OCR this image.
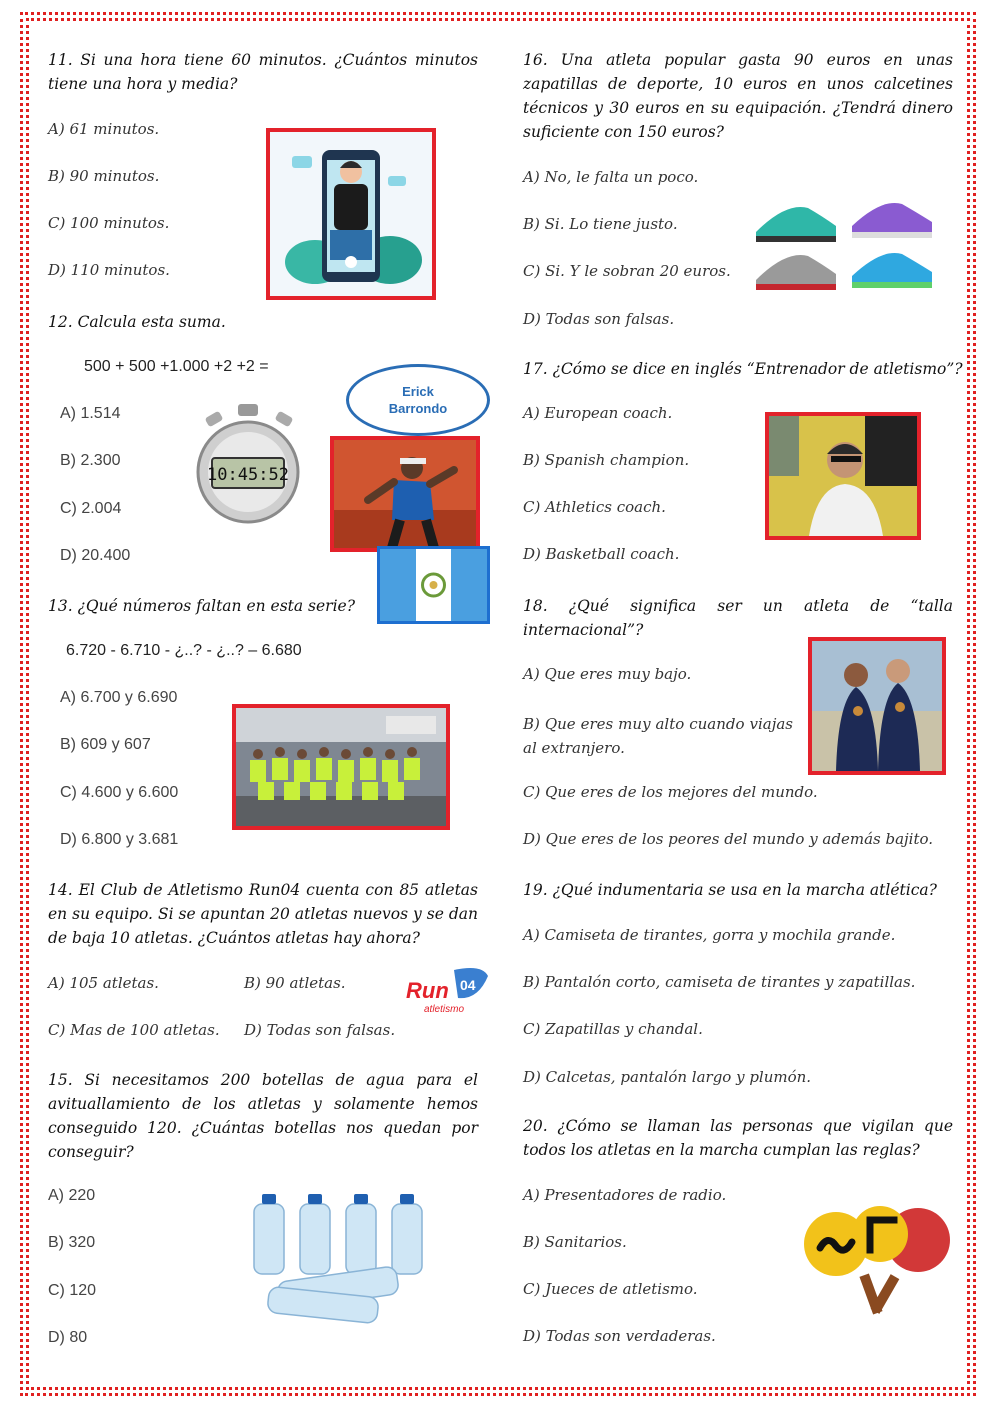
11. Si una hora tiene 60 minutos. ¿Cuántos minutos tiene una hora y media?
A) 61 minutos.
B) 90 minutos.
C) 100 minutos.
D) 110 minutos.
12. Calcula esta suma.
500 + 500 +1.000 +2 +2 =
A) 1.514
B) 2.300
C) 2.004
D) 20.400
10:45:52
Erick Barrondo
13. ¿Qué números faltan en esta serie?
6.720 - 6.710 - ¿..? - ¿..? – 6.680
A) 6.700 y 6.690
B) 609 y 607
C) 4.600 y 6.600
D) 6.800 y 3.681
14. El Club de Atletismo Run04 cuenta con 85 atletas en su equipo. Si se apuntan 20 atletas nuevos y se dan de baja 10 atletas. ¿Cuántos atletas hay ahora?
A) 105 atletas.	B) 90 atletas.
C) Mas de 100 atletas. D) Todas son falsas.
Run 04
atletismo
15. Si necesitamos 200 botellas de agua para el avituallamiento de los atletas y solamente hemos conseguido 120. ¿Cuántas botellas nos quedan por conseguir?
A) 220
B) 320
C) 120
D) 80
16. Una atleta popular gasta 90 euros en unas zapatillas de deporte, 10 euros en unos calcetines técnicos y 30 euros en su equipación. ¿Tendrá dinero suficiente con 150 euros?
A) No, le falta un poco.
B) Si. Lo tiene justo.
C) Si. Y le sobran 20 euros.
D) Todas son falsas.
17. ¿Cómo se dice en inglés “Entrenador de atletismo”?
A) European coach.
B) Spanish champion.
C) Athletics coach.
D) Basketball coach.
18. ¿Qué significa ser un atleta de “talla internacional”?
A) Que eres muy bajo.
B) Que eres muy alto cuando viajas al extranjero.
C) Que eres de los mejores del mundo.
D) Que eres de los peores del mundo y además bajito.
19. ¿Qué indumentaria se usa en la marcha atlética?
A) Camiseta de tirantes, gorra y mochila grande.
B) Pantalón corto, camiseta de tirantes y zapatillas.
C) Zapatillas y chandal.
D) Calcetas, pantalón largo y plumón.
20. ¿Cómo se llaman las personas que vigilan que todos los atletas en la marcha cumplan las reglas?
A) Presentadores de radio.
B) Sanitarios.
C) Jueces de atletismo.
D) Todas son verdaderas.
